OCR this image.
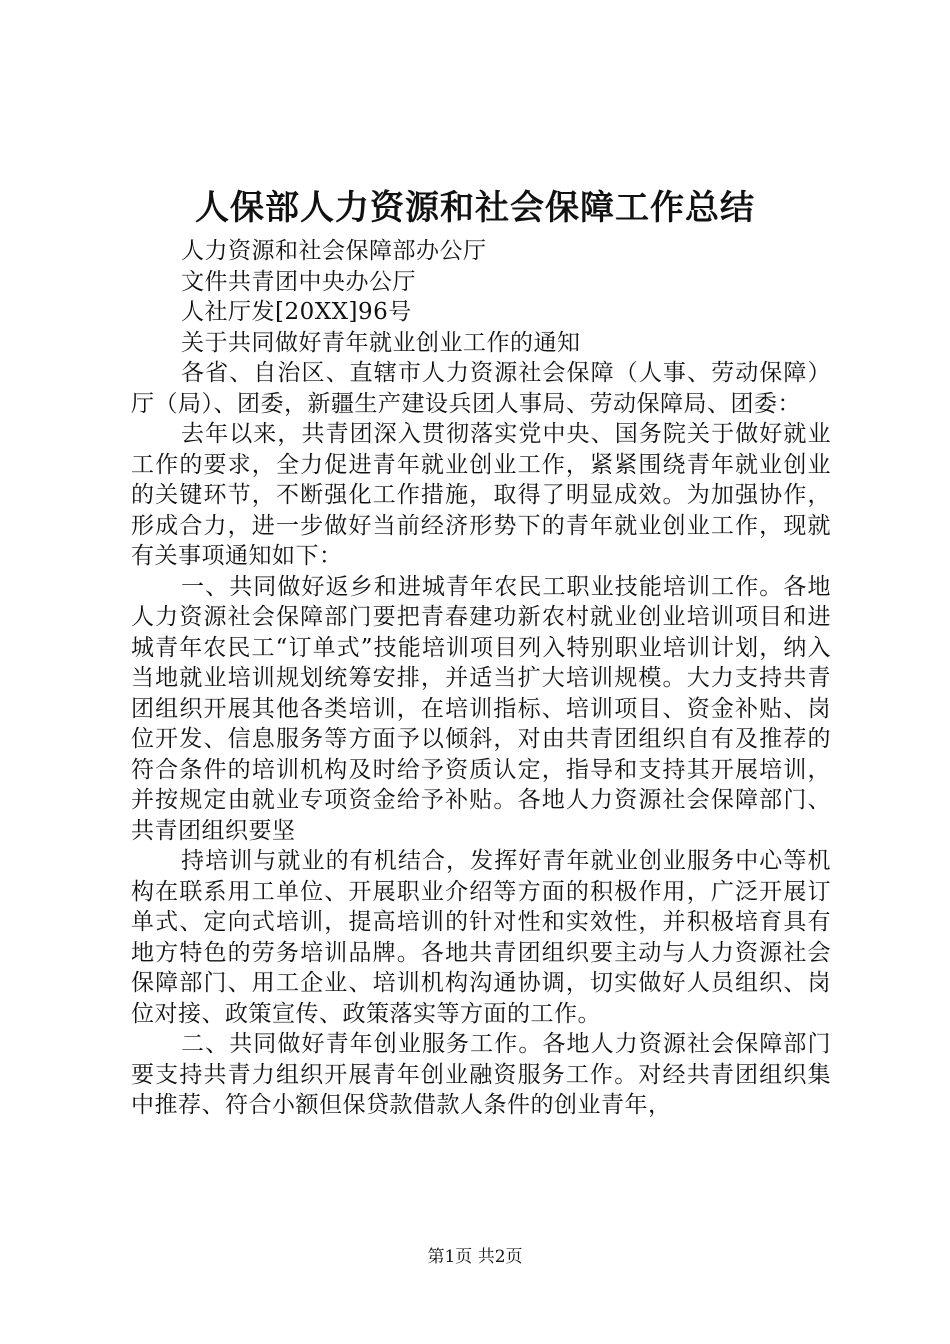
人保部人力资源和社会保障工作总结

人力资源和社会保障部办公厅

文件共青团中央办公厅

人社厅发[20XX]96号

关于共同做好青年就业创业工作的通知

各省、自治区、直辖市人力资源社会保障（人事、劳动保障）厅（局）、团委，新疆生产建设兵团人事局、劳动保障局、团委：

去年以来，共青团深入贯彻落实党中央、国务院关于做好就业工作的要求，全力促进青年就业创业工作，紧紧围绕青年就业创业的关键环节，不断强化工作措施，取得了明显成效。为加强协作，形成合力，进一步做好当前经济形势下的青年就业创业工作，现就有关事项通知如下：

一、共同做好返乡和进城青年农民工职业技能培训工作。各地人力资源社会保障部门要把青春建功新农村就业创业培训项目和进城青年农民工“订单式”技能培训项目列入特别职业培训计划，纳入当地就业培训规划统筹安排，并适当扩大培训规模。大力支持共青团组织开展其他各类培训，在培训指标、培训项目、资金补贴、岗位开发、信息服务等方面予以倾斜，对由共青团组织自有及推荐的符合条件的培训机构及时给予资质认定，指导和支持其开展培训，并按规定由就业专项资金给予补贴。各地人力资源社会保障部门、共青团组织要坚

持培训与就业的有机结合，发挥好青年就业创业服务中心等机构在联系用工单位、开展职业介绍等方面的积极作用，广泛开展订单式、定向式培训，提高培训的针对性和实效性，并积极培育具有地方特色的劳务培训品牌。各地共青团组织要主动与人力资源社会保障部门、用工企业、培训机构沟通协调，切实做好人员组织、岗位对接、政策宣传、政策落实等方面的工作。

二、共同做好青年创业服务工作。各地人力资源社会保障部门要支持共青力组织开展青年创业融资服务工作。对经共青团组织集中推荐、符合小额但保贷款借款人条件的创业青年，

第1页 共2页
